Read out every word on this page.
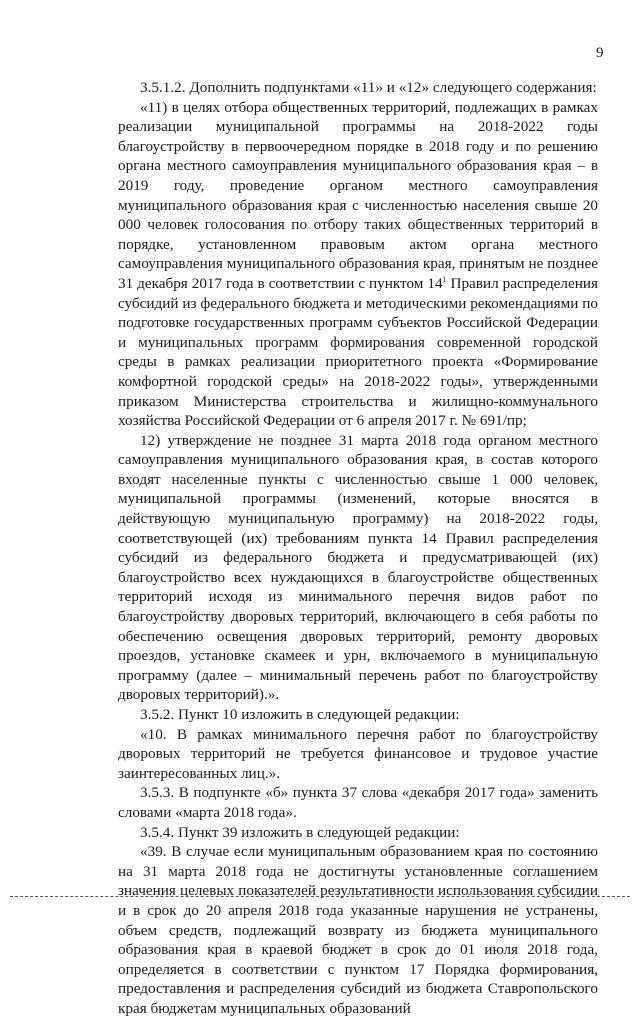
9

3.5.1.2. Дополнить подпунктами «11» и «12» следующего содержания:

«11) в целях отбора общественных территорий, подлежащих в рамках реализации муниципальной программы на 2018-2022 годы благоустройству в первоочередном порядке в 2018 году и по решению органа местного самоуправления муниципального образования края – в 2019 году, проведение органом местного самоуправления муниципального образования края с численностью населения свыше 20 000 человек голосования по отбору таких общественных территорий в порядке, установленном правовым актом органа местного самоуправления муниципального образования края, принятым не позднее 31 декабря 2017 года в соответствии с пунктом $14^1$ Правил распределения субсидий из федерального бюджета и методическими рекомендациями по подготовке государственных программ субъектов Российской Федерации и муниципальных программ формирования современной городской среды в рамках реализации приоритетного проекта «Формирование комфортной городской среды» на 2018-2022 годы», утвержденными приказом Министерства строительства и жилищно-коммунального хозяйства Российской Федерации от 6 апреля 2017 г. № 691/пр;

12) утверждение не позднее 31 марта 2018 года органом местного самоуправления муниципального образования края, в состав которого входят населенные пункты с численностью свыше 1 000 человек, муниципальной программы (изменений, которые вносятся в действующую муниципальную программу) на 2018-2022 годы, соответствующей (их) требованиям пункта 14 Правил распределения субсидий из федерального бюджета и предусматривающей (их) благоустройство всех нуждающихся в благоустройстве общественных территорий исходя из минимального перечня видов работ по благоустройству дворовых территорий, включающего в себя работы по обеспечению освещения дворовых территорий, ремонту дворовых проездов, установке скамеек и урн, включаемого в муниципальную программу (далее – минимальный перечень работ по благоустройству дворовых территорий).».

3.5.2. Пункт 10 изложить в следующей редакции:

«10. В рамках минимального перечня работ по благоустройству дворовых территорий не требуется финансовое и трудовое участие заинтересованных лиц.».

3.5.3. В подпункте «б» пункта 37 слова «декабря 2017 года» заменить словами «марта 2018 года».

3.5.4. Пункт 39 изложить в следующей редакции:

«39. В случае если муниципальным образованием края по состоянию на 31 марта 2018 года не достигнуты установленные соглашением значения целевых показателей результативности использования субсидии и в срок до 20 апреля 2018 года указанные нарушения не устранены, объем средств, подлежащий возврату из бюджета муниципального образования края в краевой бюджет в срок до 01 июля 2018 года, определяется в соответствии с пунктом 17 Порядка формирования, предоставления и распределения субсидий из бюджета Ставропольского края бюджетам муниципальных образований
